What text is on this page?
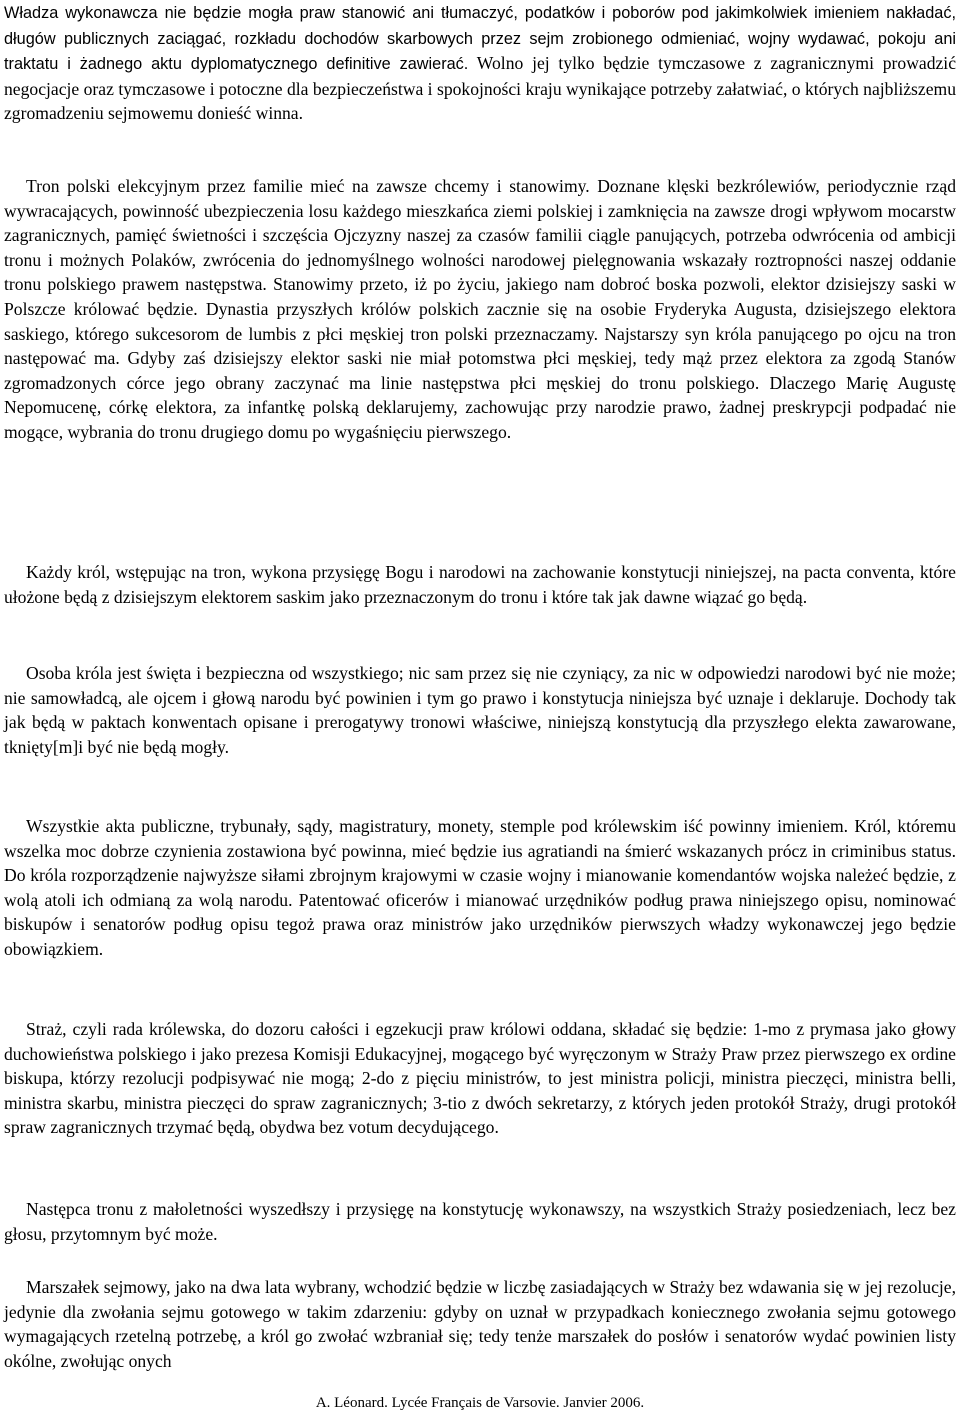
Władza wykonawcza nie będzie mogła praw stanowić ani tłumaczyć, podatków i poborów pod jakimkolwiek imieniem nakładać, długów publicznych zaciągać, rozkładu dochodów skarbowych przez sejm zrobionego odmieniać, wojny wydawać, pokoju ani traktatu i żadnego aktu dyplomatycznego definitive zawierać. Wolno jej tylko będzie tymczasowe z zagranicznymi prowadzić negocjacje oraz tymczasowe i potoczne dla bezpieczeństwa i spokojności kraju wynikające potrzeby załatwiać, o których najbliższemu zgromadzeniu sejmowemu donieść winna.

Tron polski elekcyjnym przez familie mieć na zawsze chcemy i stanowimy. Doznane klęski bezkrólewiów, periodycznie rząd wywracających, powinność ubezpieczenia losu każdego mieszkańca ziemi polskiej i zamknięcia na zawsze drogi wpływom mocarstw zagranicznych, pamięć świetności i szczęścia Ojczyzny naszej za czasów familii ciągle panujących, potrzeba odwrócenia od ambicji tronu i możnych Polaków, zwrócenia do jednomyślnego wolności narodowej pielęgnowania wskazały roztropności naszej oddanie tronu polskiego prawem następstwa. Stanowimy przeto, iż po życiu, jakiego nam dobroć boska pozwoli, elektor dzisiejszy saski w Polszcze królować będzie. Dynastia przyszłych królów polskich zacznie się na osobie Fryderyka Augusta, dzisiejszego elektora saskiego, którego sukcesorom de lumbis z płci męskiej tron polski przeznaczamy. Najstarszy syn króla panującego po ojcu na tron następować ma. Gdyby zaś dzisiejszy elektor saski nie miał potomstwa płci męskiej, tedy mąż przez elektora za zgodą Stanów zgromadzonych córce jego obrany zaczynać ma linie następstwa płci męskiej do tronu polskiego. Dlaczego Marię Augustę Nepomucenę, córkę elektora, za infantkę polską deklarujemy, zachowując przy narodzie prawo, żadnej preskrypcji podpadać nie mogące, wybrania do tronu drugiego domu po wygaśnięciu pierwszego.

Każdy król, wstępując na tron, wykona przysięgę Bogu i narodowi na zachowanie konstytucji niniejszej, na pacta conventa, które ułożone będą z dzisiejszym elektorem saskim jako przeznaczonym do tronu i które tak jak dawne wiązać go będą.

Osoba króla jest święta i bezpieczna od wszystkiego; nic sam przez się nie czyniący, za nic w odpowiedzi narodowi być nie może; nie samowładcą, ale ojcem i głową narodu być powinien i tym go prawo i konstytucja niniejsza być uznaje i deklaruje. Dochody tak jak będą w paktach konwentach opisane i prerogatywy tronowi właściwe, niniejszą konstytucją dla przyszłego elekta zawarowane, tknięty[m]i być nie będą mogły.

Wszystkie akta publiczne, trybunały, sądy, magistratury, monety, stemple pod królewskim iść powinny imieniem. Król, któremu wszelka moc dobrze czynienia zostawiona być powinna, mieć będzie ius agratiandi na śmierć wskazanych prócz in criminibus status. Do króla rozporządzenie najwyższe siłami zbrojnym krajowymi w czasie wojny i mianowanie komendantów wojska należeć będzie, z wolą atoli ich odmianą za wolą narodu. Patentować oficerów i mianować urzędników podług prawa niniejszego opisu, nominować biskupów i senatorów podług opisu tegoż prawa oraz ministrów jako urzędników pierwszych władzy wykonawczej jego będzie obowiązkiem.

Straż, czyli rada królewska, do dozoru całości i egzekucji praw królowi oddana, składać się będzie: 1-mo z prymasa jako głowy duchowieństwa polskiego i jako prezesa Komisji Edukacyjnej, mogącego być wyręczonym w Straży Praw przez pierwszego ex ordine biskupa, którzy rezolucji podpisywać nie mogą; 2-do z pięciu ministrów, to jest ministra policji, ministra pieczęci, ministra belli, ministra skarbu, ministra pieczęci do spraw zagranicznych; 3-tio z dwóch sekretarzy, z których jeden protokół Straży, drugi protokół spraw zagranicznych trzymać będą, obydwa bez votum decydującego.

Następca tronu z małoletności wyszedłszy i przysięgę na konstytucję wykonawszy, na wszystkich Straży posiedzeniach, lecz bez głosu, przytomnym być może.

Marszałek sejmowy, jako na dwa lata wybrany, wchodzić będzie w liczbę zasiadających w Straży bez wdawania się w jej rezolucje, jedynie dla zwołania sejmu gotowego w takim zdarzeniu: gdyby on uznał w przypadkach koniecznego zwołania sejmu gotowego wymagających rzetelną potrzebę, a król go zwołać wzbraniał się; tedy tenże marszałek do posłów i senatorów wydać powinien listy okólne, zwołując onych

A. Léonard. Lycée Français de Varsovie. Janvier 2006.
